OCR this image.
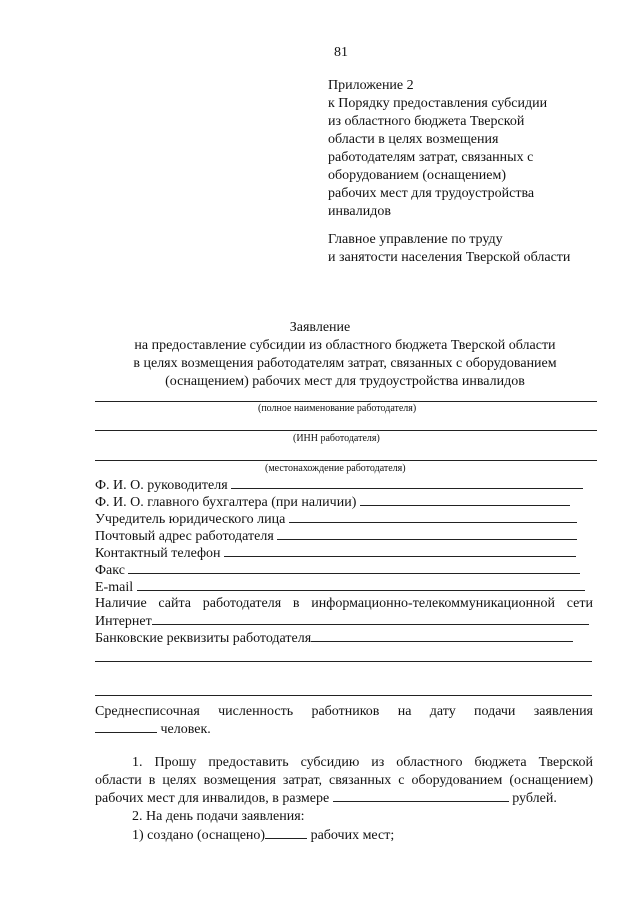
81
Приложение 2
к Порядку предоставления субсидии
из областного бюджета Тверской
области в целях возмещения
работодателям затрат, связанных с
оборудованием (оснащением)
рабочих мест для трудоустройства
инвалидов
Главное управление по труду
и занятости населения Тверской области
Заявление
на предоставление субсидии из областного бюджета Тверской области
в целях возмещения работодателям затрат, связанных с оборудованием
(оснащением) рабочих мест для трудоустройства инвалидов
(полное наименование работодателя)
(ИНН работодателя)
(местонахождение работодателя)
Ф. И. О. руководителя
Ф. И. О. главного бухгалтера (при наличии)
Учредитель юридического лица
Почтовый адрес работодателя
Контактный телефон
Факс
E-mail
Наличие сайта работодателя в информационно-телекоммуникационной сети
Интернет
Банковские реквизиты работодателя
Среднесписочная численность работников на дату подачи заявления
человек.
1. Прошу предоставить субсидию из областного бюджета Тверской
области в целях возмещения затрат, связанных с оборудованием (оснащением)
рабочих мест для инвалидов, в размере	рублей.
2. На день подачи заявления:
1) создано (оснащено)	рабочих мест;
